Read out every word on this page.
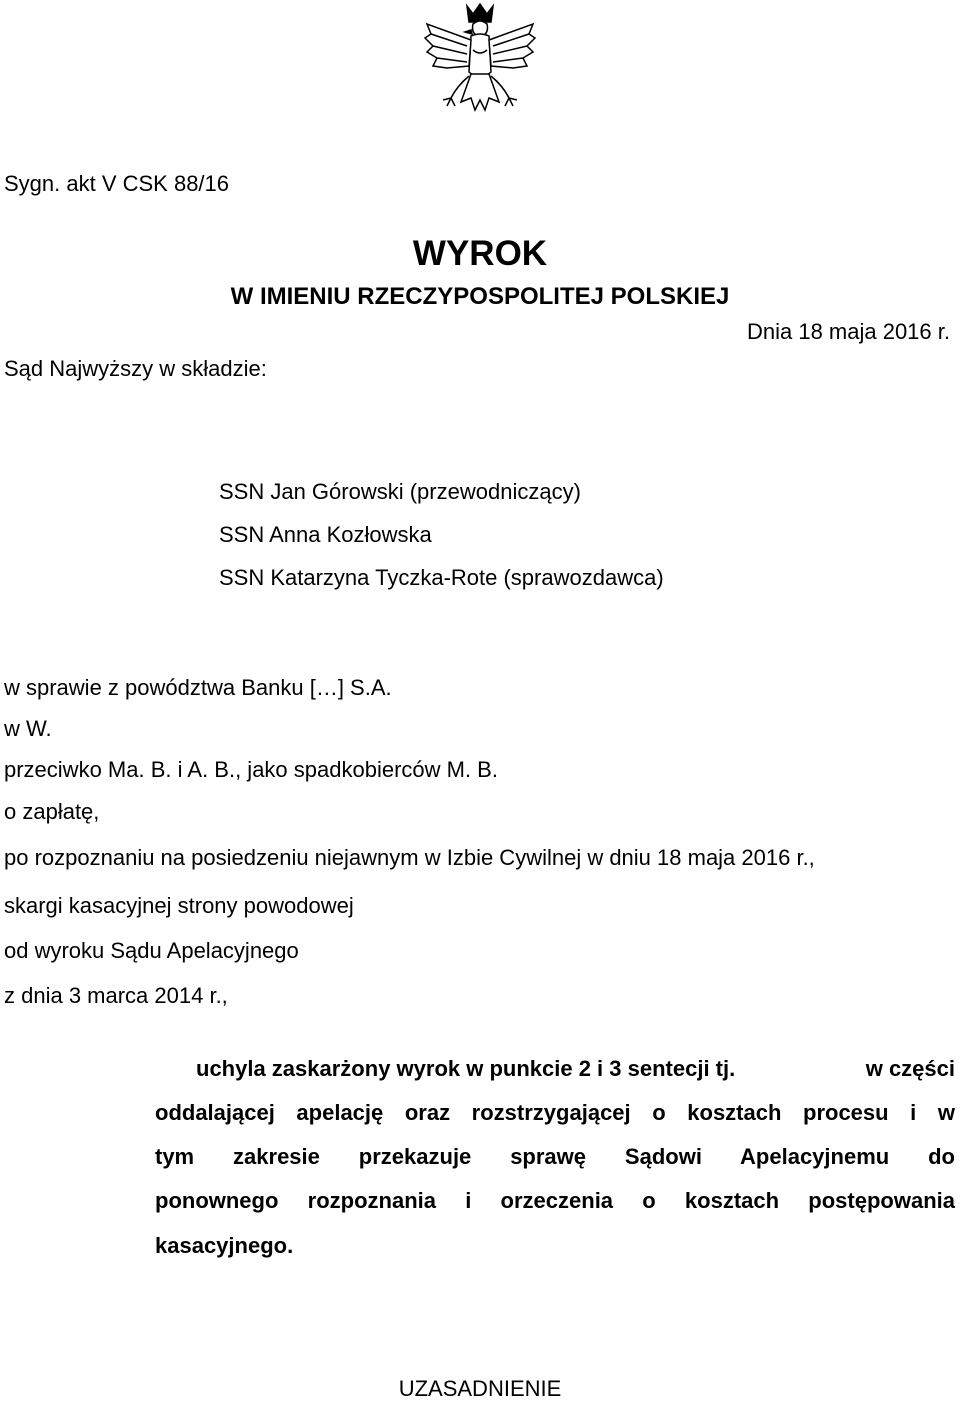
Sygn. akt V CSK 88/16
WYROK
W IMIENIU RZECZYPOSPOLITEJ POLSKIEJ
Dnia 18 maja 2016 r.
Sąd Najwyższy w składzie:
SSN Jan Górowski (przewodniczący)
SSN Anna Kozłowska
SSN Katarzyna Tyczka-Rote (sprawozdawca)
w sprawie z powództwa Banku […] S.A.
w W.
przeciwko Ma. B. i A. B., jako spadkobierców M. B.
o zapłatę,
po rozpoznaniu na posiedzeniu niejawnym w Izbie Cywilnej w dniu 18 maja 2016 r.,
skargi kasacyjnej strony powodowej
od wyroku Sądu Apelacyjnego
z dnia 3 marca 2014 r.,
uchyla zaskarżony wyrok w punkcie 2 i 3 sentecji tj.	w części
oddalającej apelację oraz rozstrzygającej o kosztach procesu i w
tym zakresie przekazuje sprawę Sądowi Apelacyjnemu do
ponownego rozpoznania i orzeczenia o kosztach postępowania
kasacyjnego.
UZASADNIENIE
